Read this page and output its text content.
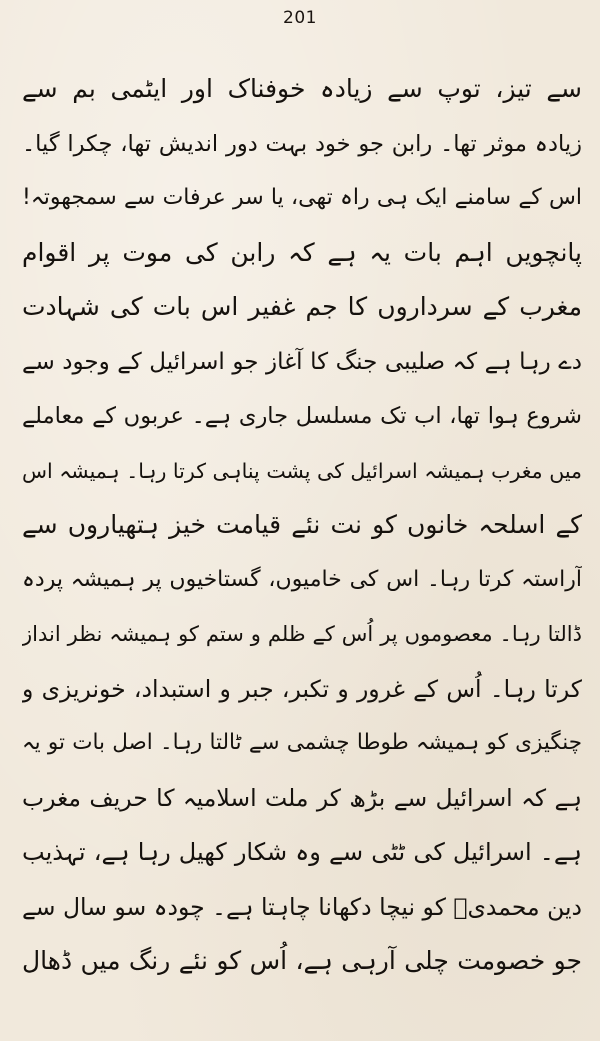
201
سے تیز، توپ سے زیادہ خوفناک اور ایٹمی بم سے
زیادہ موثر تھا۔ رابن جو خود بہت دور اندیش تھا، چکرا گیا۔
اس کے سامنے ایک ہی راہ تھی، یا سر عرفات سے سمجھوتہ!
پانچویں اہم بات یہ ہے کہ رابن کی موت پر اقوام
مغرب کے سرداروں کا جم غفیر اس بات کی شہادت
دے رہا ہے کہ صلیبی جنگ کا آغاز جو اسرائیل کے وجود سے
شروع ہوا تھا، اب تک مسلسل جاری ہے۔ عربوں کے معاملے
میں مغرب ہمیشہ اسرائیل کی پشت پناہی کرتا رہا۔ ہمیشہ اس
کے اسلحہ خانوں کو نت نئے قیامت خیز ہتھیاروں سے
آراستہ کرتا رہا۔ اس کی خامیوں، گستاخیوں پر ہمیشہ پردہ
ڈالتا رہا۔ معصوموں پر اُس کے ظلم و ستم کو ہمیشہ نظر انداز
کرتا رہا۔ اُس کے غرور و تکبر، جبر و استبداد، خونریزی و
چنگیزی کو ہمیشہ طوطا چشمی سے ٹالتا رہا۔ اصل بات تو یہ
ہے کہ اسرائیل سے بڑھ کر ملت اسلامیہ کا حریف مغرب
ہے۔ اسرائیل کی ٹٹی سے وہ شکار کھیل رہا ہے، تہذیب
دین محمدیؐ کو نیچا دکھانا چاہتا ہے۔ چودہ سو سال سے
جو خصومت چلی آرہی ہے، اُس کو نئے رنگ میں ڈھال
